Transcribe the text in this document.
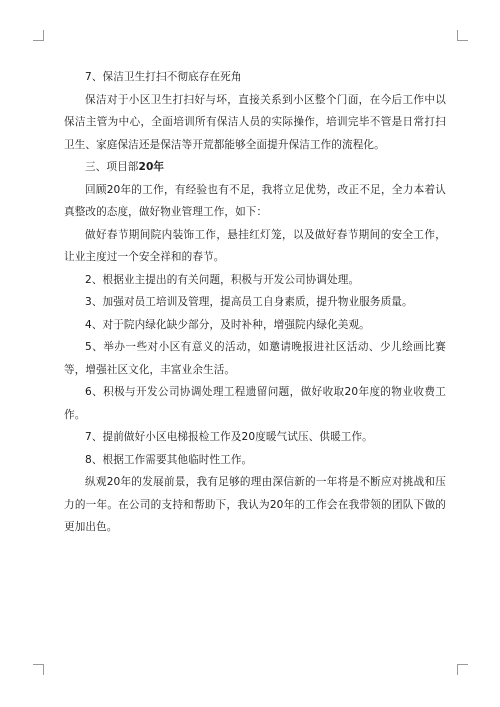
7、保洁卫生打扫不彻底存在死角

保洁对于小区卫生打扫好与坏，直接关系到小区整个门面，在今后工作中以保洁主管为中心，全面培训所有保洁人员的实际操作，培训完毕不管是日常打扫卫生、家庭保洁还是保洁等开荒都能够全面提升保洁工作的流程化。

三、项目部20年

回顾20年的工作，有经验也有不足，我将立足优势，改正不足，全力本着认真整改的态度，做好物业管理工作，如下：

做好春节期间院内装饰工作，悬挂红灯笼，以及做好春节期间的安全工作，让业主度过一个安全祥和的春节。

2、根据业主提出的有关问题，积极与开发公司协调处理。

3、加强对员工培训及管理，提高员工自身素质，提升物业服务质量。

4、对于院内绿化缺少部分，及时补种，增强院内绿化美观。

5、举办一些对小区有意义的活动，如邀请晚报进社区活动、少儿绘画比赛等，增强社区文化，丰富业余生活。

6、积极与开发公司协调处理工程遗留问题，做好收取20年度的物业收费工作。

7、提前做好小区电梯报检工作及20度暖气试压、供暖工作。

8、根据工作需要其他临时性工作。

纵观20年的发展前景，我有足够的理由深信新的一年将是不断应对挑战和压力的一年。在公司的支持和帮助下，我认为20年的工作会在我带领的团队下做的更加出色。
